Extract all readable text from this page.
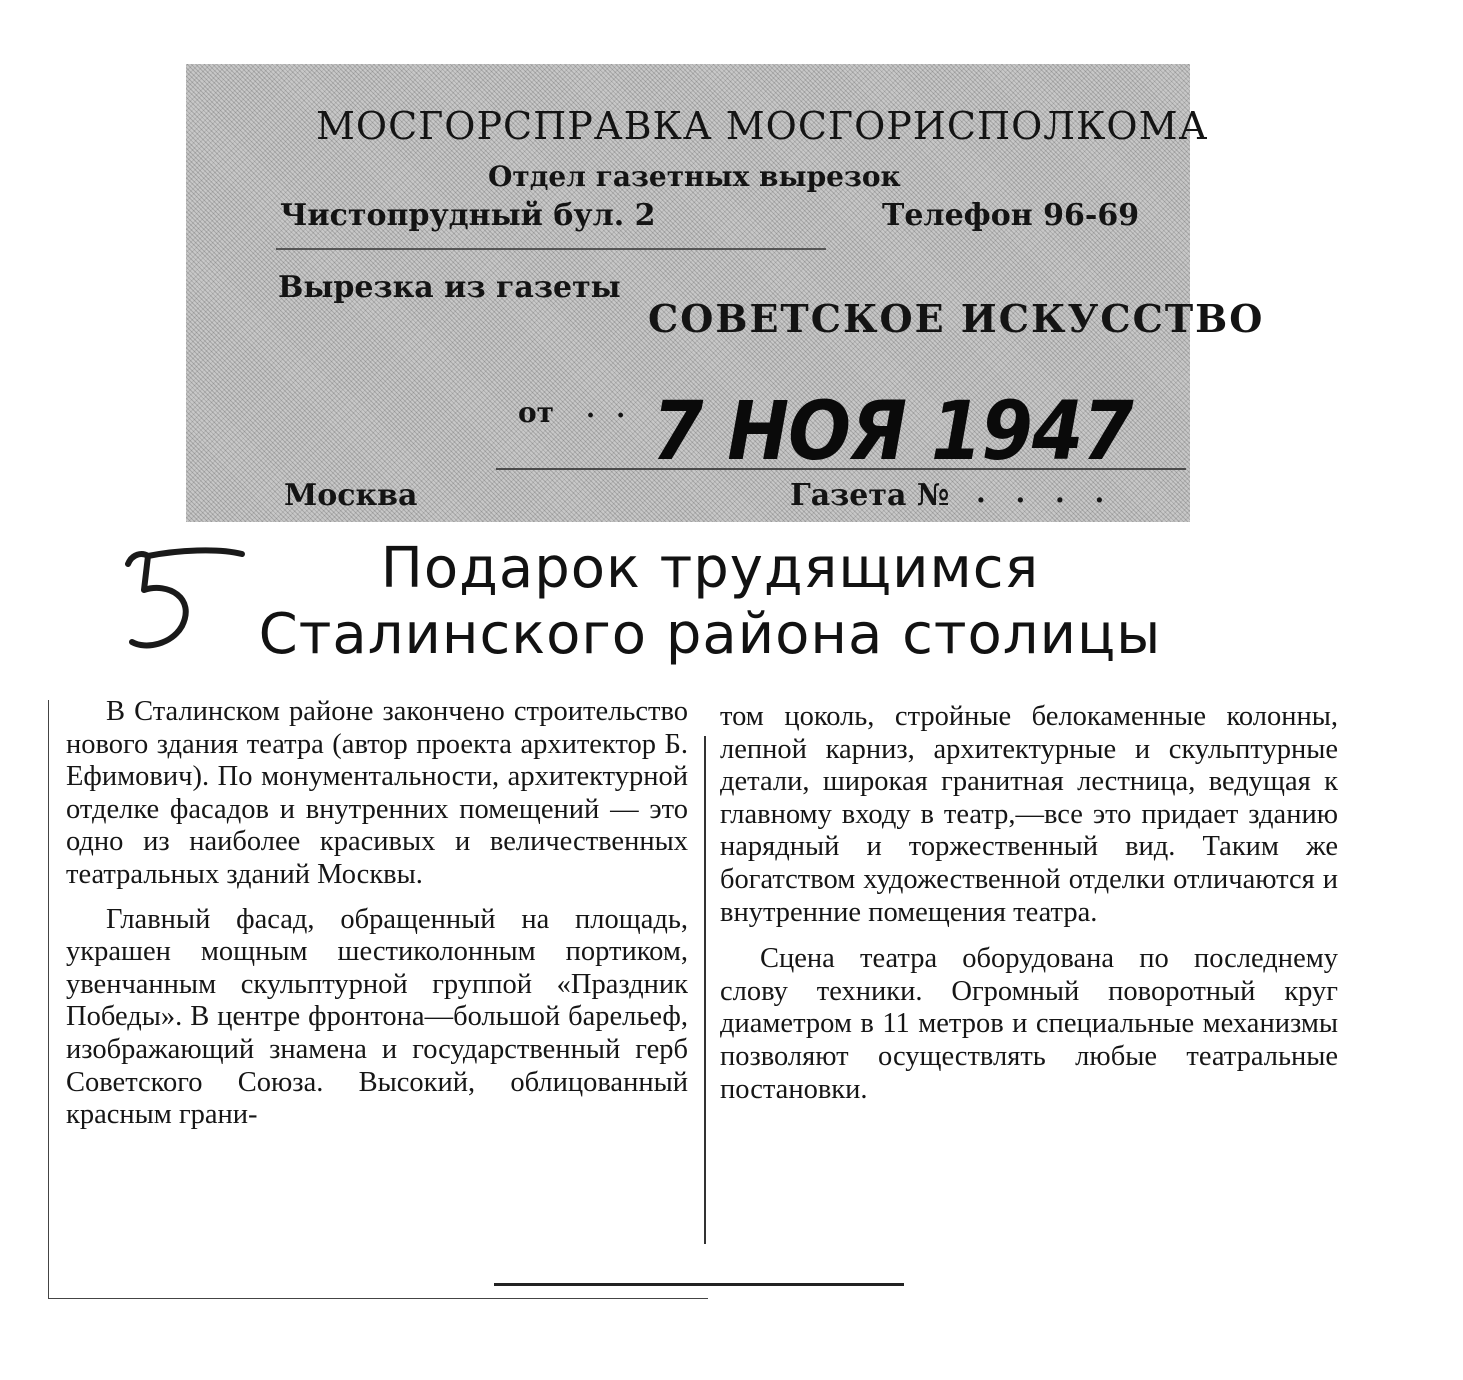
МОСГОРСПРАВКА МОСГОРИСПОЛКОМА
Отдел газетных вырезок
Чистопрудный бул. 2	Телефон 96-69
Вырезка из газеты
СОВЕТСКОЕ ИСКУССТВО
от . . 7 НОЯ 1947
Москва	Газета № . . . .
Подарок трудящимся
Сталинского района столицы

В Сталинском районе закончено строительство нового здания театра (автор проекта архитектор Б. Ефимович). По монументальности, архитектурной отделке фасадов и внутренних помещений — это одно из наиболее красивых и величественных театральных зданий Москвы.

Главный фасад, обращенный на площадь, украшен мощным шестиколонным портиком, увенчанным скульптурной группой «Праздник Победы». В центре фронтона—большой барельеф, изображающий знамена и государственный герб Советского Союза. Высокий, облицованный красным грани-

том цоколь, стройные белокаменные колонны, лепной карниз, архитектурные и скульптурные детали, широкая гранитная лестница, ведущая к главному входу в театр,—все это придает зданию нарядный и торжественный вид. Таким же богатством художественной отделки отличаются и внутренние помещения театра.

Сцена театра оборудована по последнему слову техники. Огромный поворотный круг диаметром в 11 метров и специальные механизмы позволяют осуществлять любые театральные постановки.
